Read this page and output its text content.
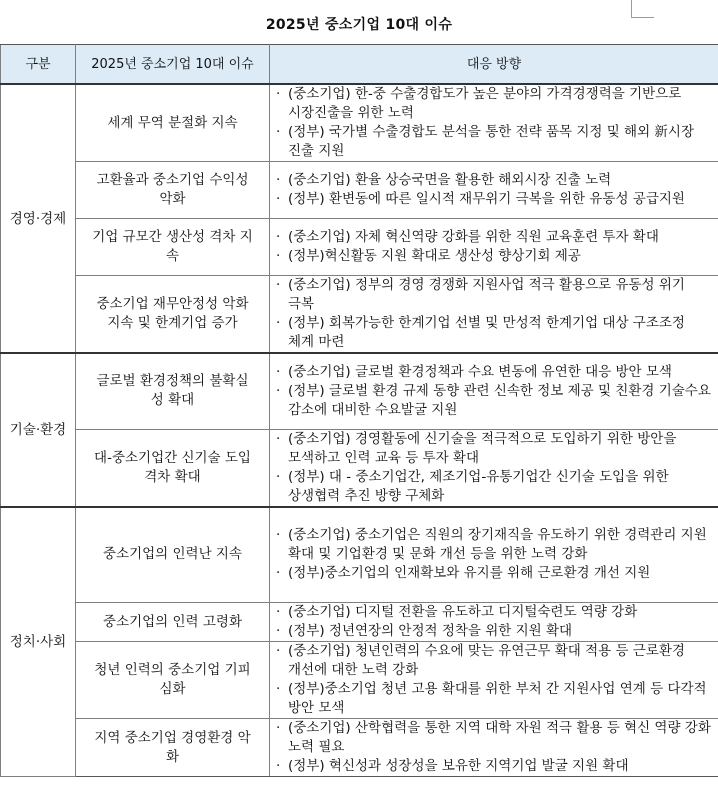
2025년 중소기업 10대 이슈
구분	2025년 중소기업 10대 이슈	대응 방향
경영·경제	세계 무역 분절화 지속	· (중소기업) 한-중 수출경합도가 높은 분야의 가격경쟁력을 기반으로 시장진출을 위한 노력
· (정부) 국가별 수출경합도 분석을 통한 전략 품목 지정 및 해외 新시장 진출 지원

	고환율과 중소기업 수익성 악화	· (중소기업) 환율 상승국면을 활용한 해외시장 진출 노력
· (정부) 환변동에 따른 일시적 재무위기 극복을 위한 유동성 공급지원

	기업 규모간 생산성 격차 지속	· (중소기업) 자체 혁신역량 강화를 위한 직원 교육훈련 투자 확대
· (정부)혁신활동 지원 확대로 생산성 향상기회 제공

	중소기업 재무안정성 악화 지속 및 한계기업 증가	· (중소기업) 정부의 경영 경쟁화 지원사업 적극 활용으로 유동성 위기 극복
· (정부) 회복가능한 한계기업 선별 및 만성적 한계기업 대상 구조조정 체계 마련

기술·환경	글로벌 환경정책의 불확실성 확대	· (중소기업) 글로벌 환경정책과 수요 변동에 유연한 대응 방안 모색
· (정부) 글로벌 환경 규제 동향 관련 신속한 정보 제공 및 친환경 기술수요 감소에 대비한 수요발굴 지원

	대-중소기업간 신기술 도입 격차 확대	· (중소기업) 경영활동에 신기술을 적극적으로 도입하기 위한 방안을 모색하고 인력 교육 등 투자 확대
· (정부) 대 - 중소기업간, 제조기업-유통기업간 신기술 도입을 위한 상생협력 추진 방향 구체화

정치·사회	중소기업의 인력난 지속	· (중소기업) 중소기업은 직원의 장기재직을 유도하기 위한 경력관리 지원 확대 및 기업환경 및 문화 개선 등을 위한 노력 강화
· (정부)중소기업의 인재확보와 유지를 위해 근로환경 개선 지원

	중소기업의 인력 고령화	· (중소기업) 디지털 전환을 유도하고 디지털숙련도 역량 강화
· (정부) 정년연장의 안정적 정착을 위한 지원 확대

	청년 인력의 중소기업 기피 심화	· (중소기업) 청년인력의 수요에 맞는 유연근무 확대 적용 등 근로환경 개선에 대한 노력 강화
· (정부)중소기업 청년 고용 확대를 위한 부처 간 지원사업 연계 등 다각적 방안 모색

	지역 중소기업 경영환경 악화	· (중소기업) 산학협력을 통한 지역 대학 자원 적극 활용 등 혁신 역량 강화 노력 필요
· (정부) 혁신성과 성장성을 보유한 지역기업 발굴 지원 확대
